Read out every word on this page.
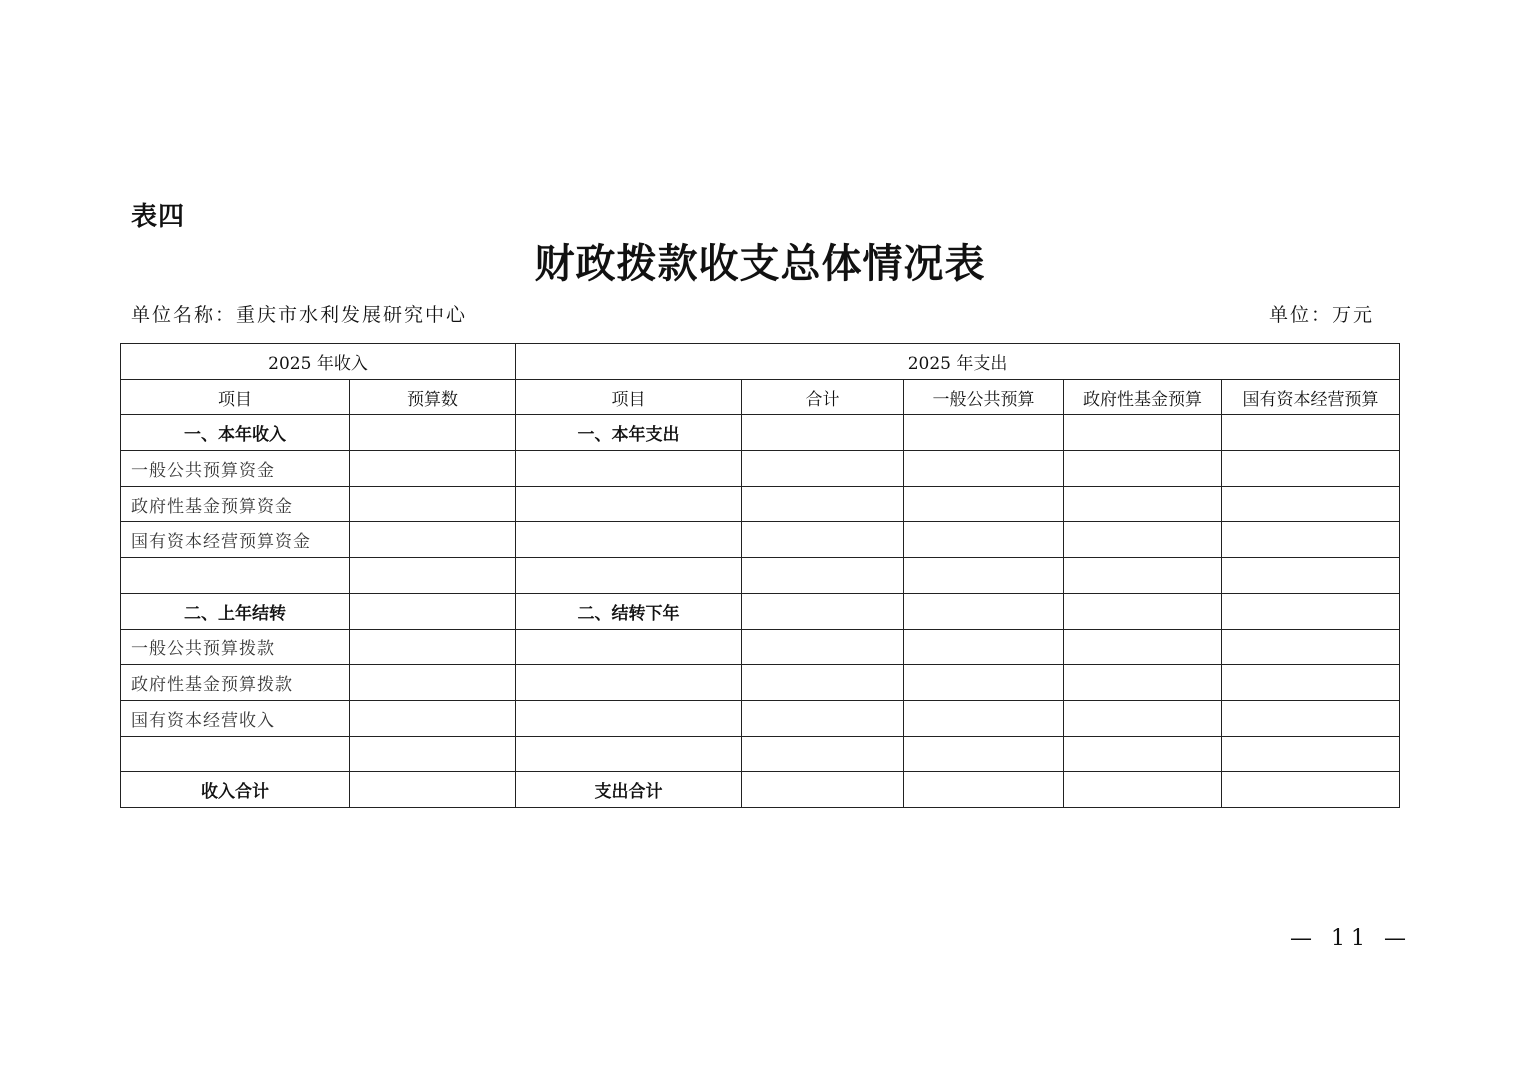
表四
财政拨款收支总体情况表
单位名称：重庆市水利发展研究中心	单位：万元
2025 年收入		2025 年支出				
项目	预算数	项目	合计	一般公共预算	政府性基金预算	国有资本经营预算
一、本年收入		一、本年支出				
一般公共预算资金						
政府性基金预算资金						
国有资本经营预算资金						

二、上年结转		二、结转下年				
一般公共预算拨款						
政府性基金预算拨款						
国有资本经营收入						

收入合计		支出合计				
— 11 —
